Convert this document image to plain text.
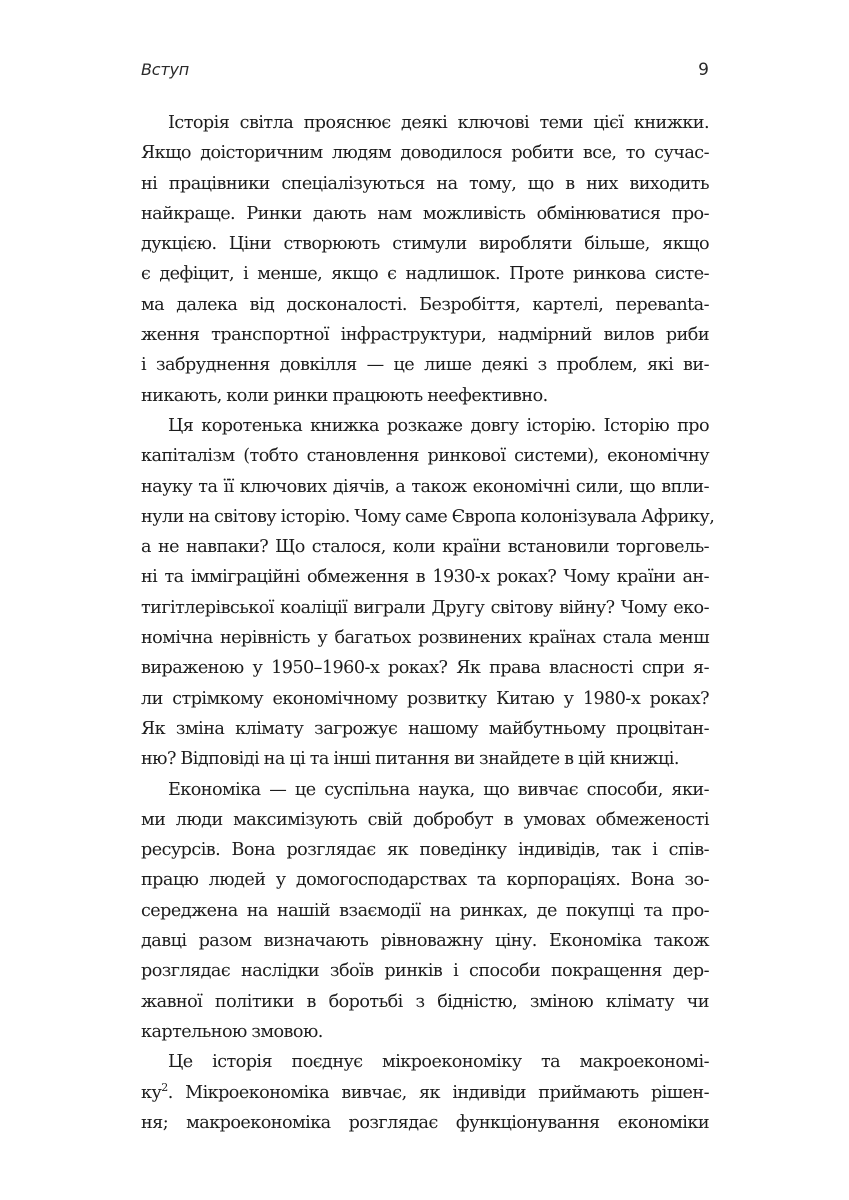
Вступ	9
Історія світла прояснює деякі ключові теми цієї книжки.
Якщо доісторичним людям доводилося робити все, то сучас-
ні працівники спеціалізуються на тому, що в них виходить
найкраще. Ринки дають нам можливість обмінюватися про-
дукцією. Ціни створюють стимули виробляти більше, якщо
є дефіцит, і менше, якщо є надлишок. Проте ринкова систе-
ма далека від досконалості. Безробіття, картелі, перевanta-
ження транспортної інфраструктури, надмірний вилов риби
і забруднення довкілля — це лише деякі з проблем, які ви-
никають, коли ринки працюють неефективно.
Ця коротенька книжка розкаже довгу історію. Історію про
капіталізм (тобто становлення ринкової системи), економічну
науку та її ключових діячів, а також економічні сили, що впли-
нули на світову історію. Чому саме Європа колонізувала Африку,
а не навпаки? Що сталося, коли країни встановили торговель-
ні та імміграційні обмеження в 1930-х роках? Чому країни ан-
тигітлерівської коаліції виграли Другу світову війну? Чому еко-
номічна нерівність у багатьох розвинених країнах стала менш
вираженою у 1950–1960-х роках? Як права власності спри я-
ли стрімкому економічному розвитку Китаю у 1980-х роках?
Як зміна клімату загрожує нашому майбутньому процвітан-
ню? Відповіді на ці та інші питання ви знайдете в цій книжці.
Економіка — це суспільна наука, що вивчає способи, яки-
ми люди максимізують свій добробут в умовах обмеженості
ресурсів. Вона розглядає як поведінку індивідів, так і спів-
працю людей у домогосподарствах та корпораціях. Вона зо-
середжена на нашій взаємодії на ринках, де покупці та про-
давці разом визначають рівноважну ціну. Економіка також
розглядає наслідки збоїв ринків і способи покращення дер-
жавної політики в боротьбі з бідністю, зміною клімату чи
картельною змовою.
Це історія поєднує мікроекономіку та макроекономі-
$ку^2$. Мікроекономіка вивчає, як індивіди приймають рішен-
ня; макроекономіка розглядає функціонування економіки
